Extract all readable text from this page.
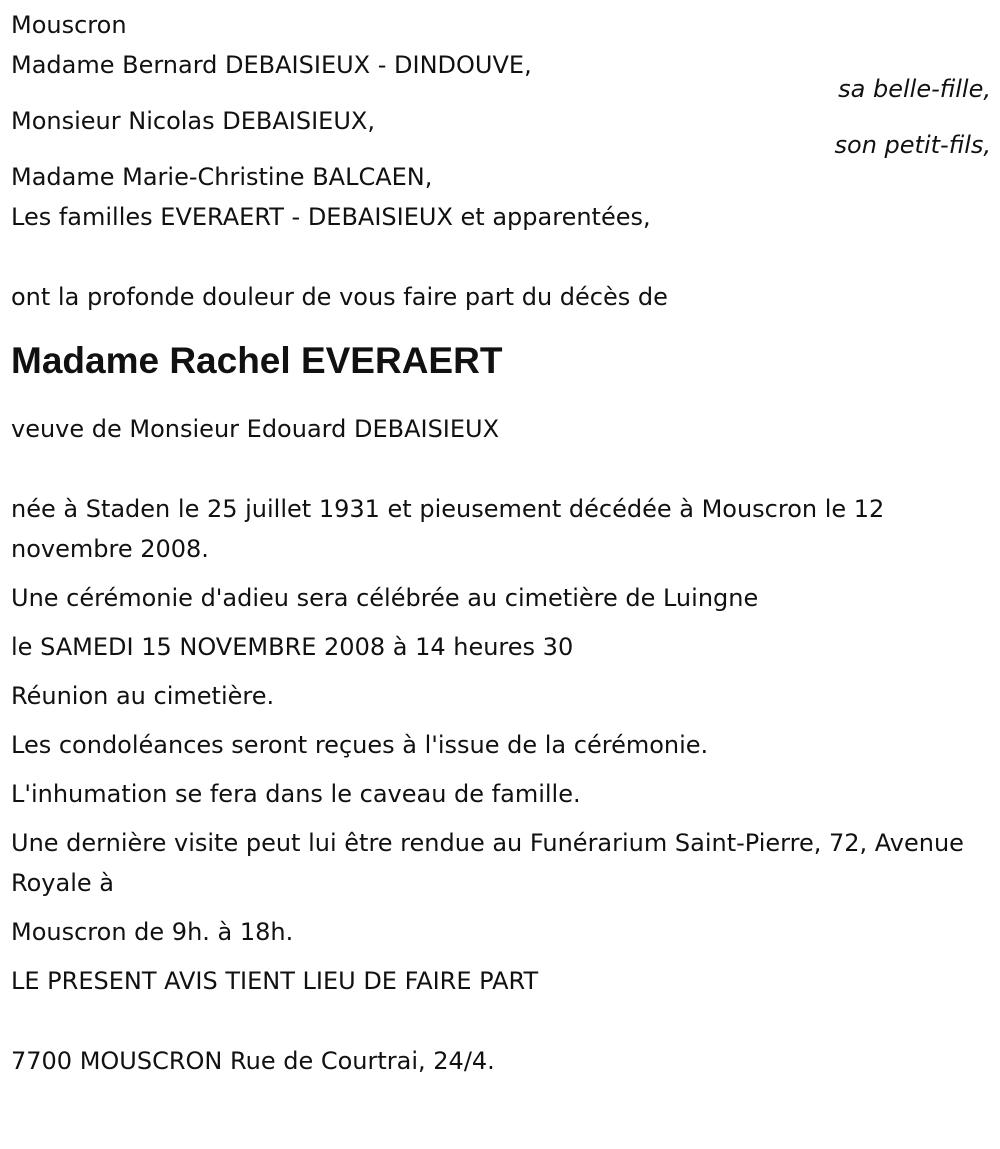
Mouscron

Madame Bernard DEBAISIEUX - DINDOUVE,

sa belle-fille,

Monsieur Nicolas DEBAISIEUX,

son petit-fils,

Madame Marie-Christine BALCAEN,

Les familles EVERAERT - DEBAISIEUX et apparentées,

ont la profonde douleur de vous faire part du décès de

Madame Rachel EVERAERT

veuve de Monsieur Edouard DEBAISIEUX

née à Staden le 25 juillet 1931 et pieusement décédée à Mouscron le 12 novembre 2008.

Une cérémonie d'adieu sera célébrée au cimetière de Luingne

le SAMEDI 15 NOVEMBRE 2008 à 14 heures 30

Réunion au cimetière.

Les condoléances seront reçues à l'issue de la cérémonie.

L'inhumation se fera dans le caveau de famille.

Une dernière visite peut lui être rendue au Funérarium Saint-Pierre, 72, Avenue Royale à

Mouscron de 9h. à 18h.

LE PRESENT AVIS TIENT LIEU DE FAIRE PART

7700 MOUSCRON Rue de Courtrai, 24/4.
